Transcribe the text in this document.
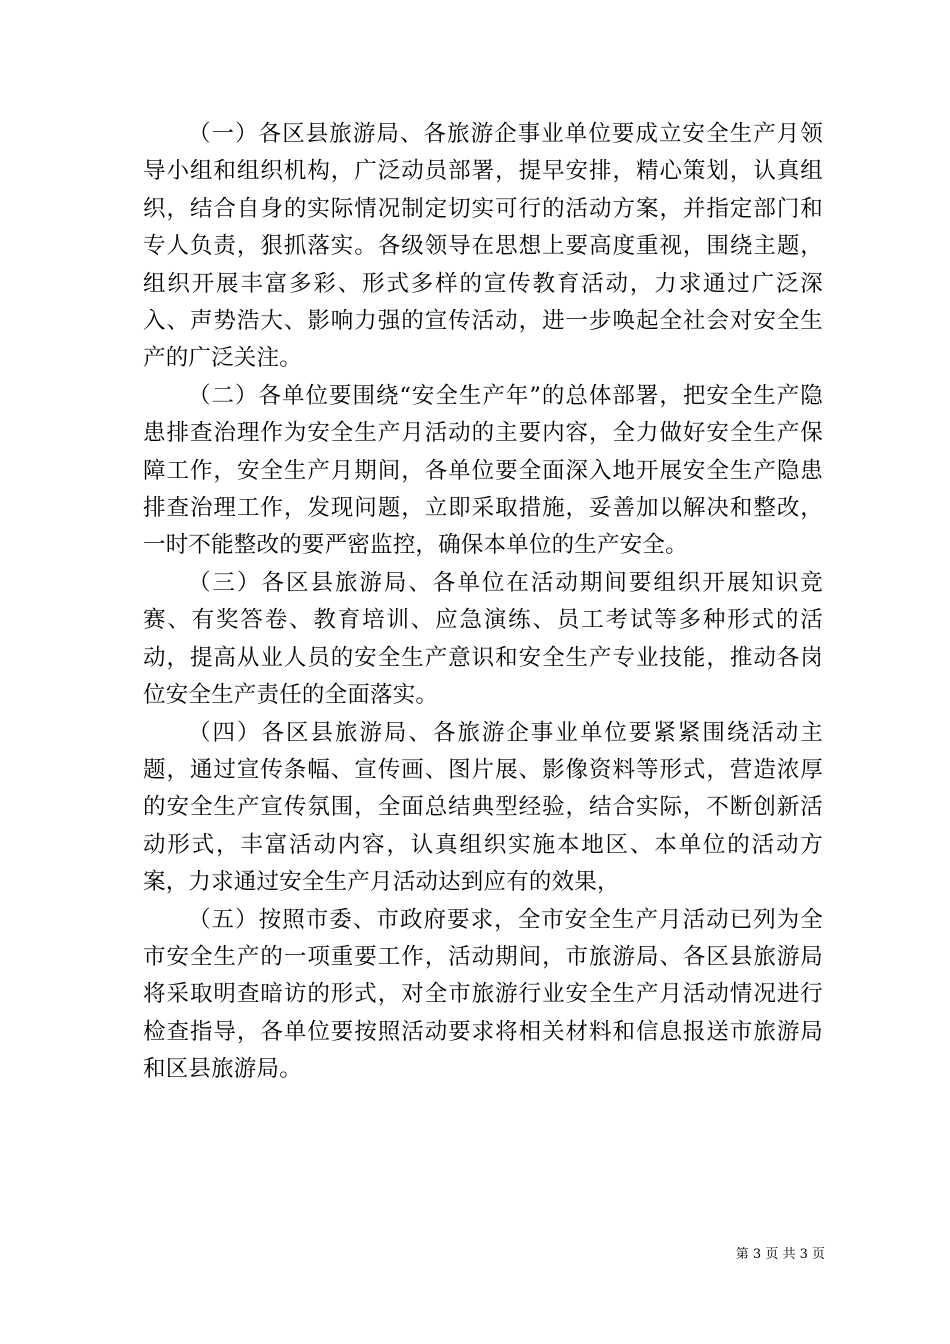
（一）各区县旅游局、各旅游企事业单位要成立安全生产月领导小组和组织机构，广泛动员部署，提早安排，精心策划，认真组织，结合自身的实际情况制定切实可行的活动方案，并指定部门和专人负责，狠抓落实。各级领导在思想上要高度重视，围绕主题，组织开展丰富多彩、形式多样的宣传教育活动，力求通过广泛深入、声势浩大、影响力强的宣传活动，进一步唤起全社会对安全生产的广泛关注。

（二）各单位要围绕“安全生产年”的总体部署，把安全生产隐患排查治理作为安全生产月活动的主要内容，全力做好安全生产保障工作，安全生产月期间，各单位要全面深入地开展安全生产隐患排查治理工作，发现问题，立即采取措施，妥善加以解决和整改，一时不能整改的要严密监控，确保本单位的生产安全。

（三）各区县旅游局、各单位在活动期间要组织开展知识竞赛、有奖答卷、教育培训、应急演练、员工考试等多种形式的活动，提高从业人员的安全生产意识和安全生产专业技能，推动各岗位安全生产责任的全面落实。

（四）各区县旅游局、各旅游企事业单位要紧紧围绕活动主题，通过宣传条幅、宣传画、图片展、影像资料等形式，营造浓厚的安全生产宣传氛围，全面总结典型经验，结合实际，不断创新活动形式，丰富活动内容，认真组织实施本地区、本单位的活动方案，力求通过安全生产月活动达到应有的效果，

（五）按照市委、市政府要求，全市安全生产月活动已列为全市安全生产的一项重要工作，活动期间，市旅游局、各区县旅游局将采取明查暗访的形式，对全市旅游行业安全生产月活动情况进行检查指导，各单位要按照活动要求将相关材料和信息报送市旅游局和区县旅游局。

第 3 页 共 3 页
